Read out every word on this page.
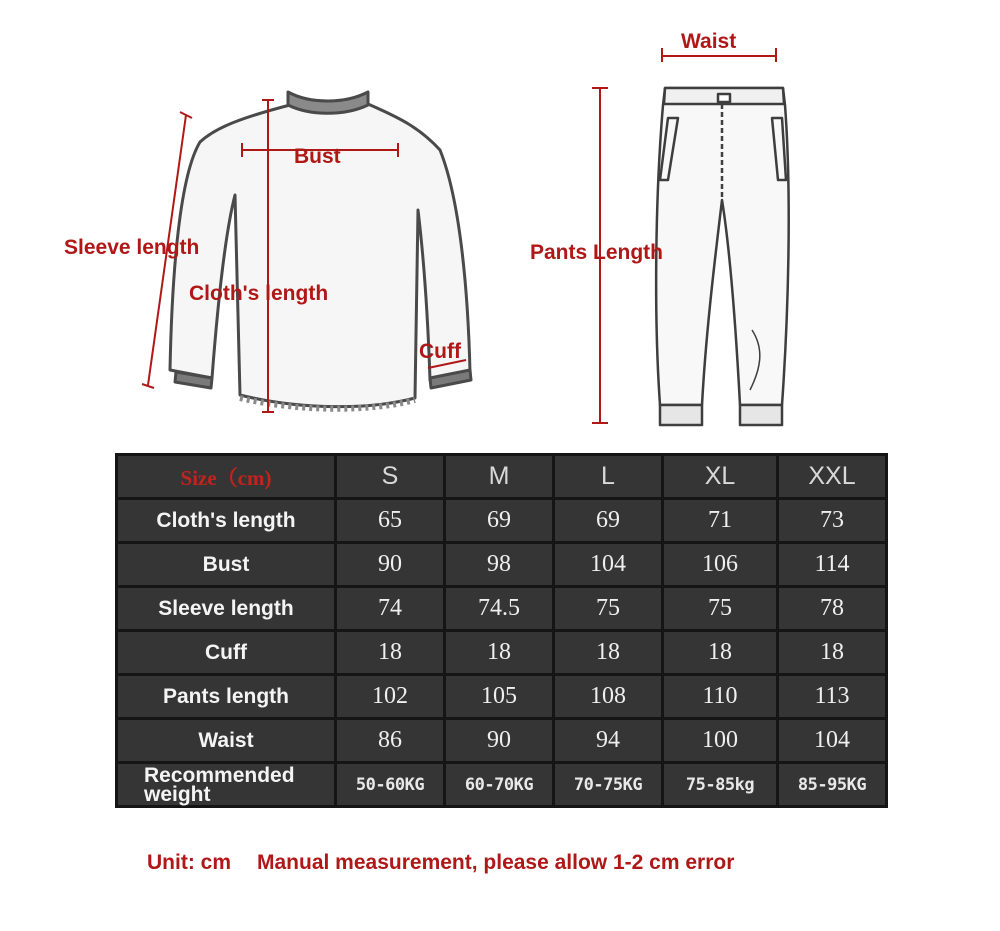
Waist
Bust
Sleeve length
Cloth's length
Cuff
Pants Length
Size（cm)	S	M	L	XL	XXL
Cloth's length	65	69	69	71	73
Bust	90	98	104	106	114
Sleeve length	74	74.5	75	75	78
Cuff	18	18	18	18	18
Pants length	102	105	108	110	113
Waist	86	90	94	100	104
Recommended
weight	50-60KG	60-70KG	70-75KG	75-85kg	85-95KG
Unit: cm Manual measurement, please allow 1-2 cm error
